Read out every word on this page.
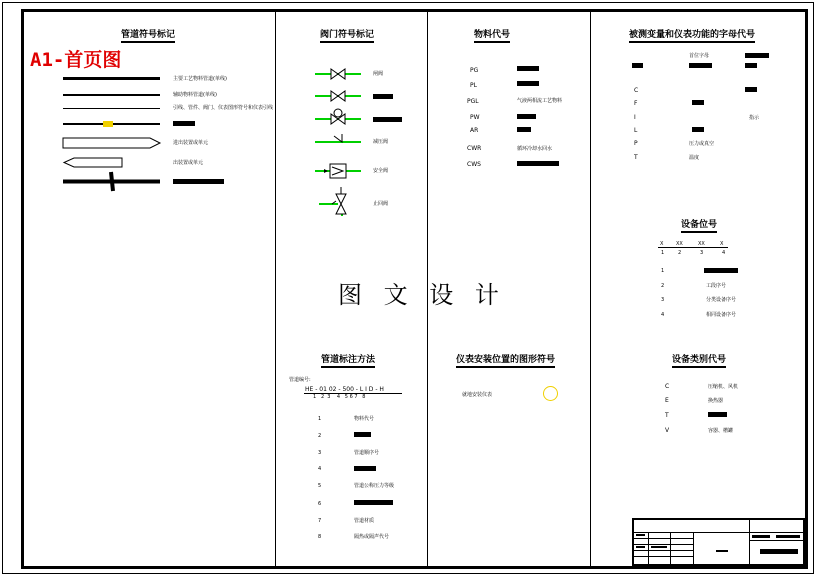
A1-首页图
管道符号标记
主要工艺物料管道(单线)
辅助物料管道(单线)
引线、管件、阀门、仪表图形符号和仪表引线
进出装置或单元
出装置或单元
阀门符号标记
闸阀
减压阀
安全阀
止回阀
物料代号
PG
PL
PGL	气液两相流工艺物料
PW
AR
CWR	循环冷却水回水
CWS
被测变量和仪表功能的字母代号
首位字母
C
F
I	指示
L
P	压力或真空
T	温度
设备位号
X	XX	XX	X
1	2	3	4
1
2	工段序号
3	分类设备序号
4	相同设备序号
图 文 设 计
管道标注方法
管道编号:
HE - 01 02 - 500 - L I D - H
1   2  3    4   5 6 7   8
1	物料代号
2
3	管道顺序号
4
5	管道公称压力等级
6
7	管道材质
8	隔热或隔声代号
仪表安装位置的图形符号
就地安装仪表
设备类别代号
C	压缩机、风机
E	换热器
T
V	容器、槽罐
